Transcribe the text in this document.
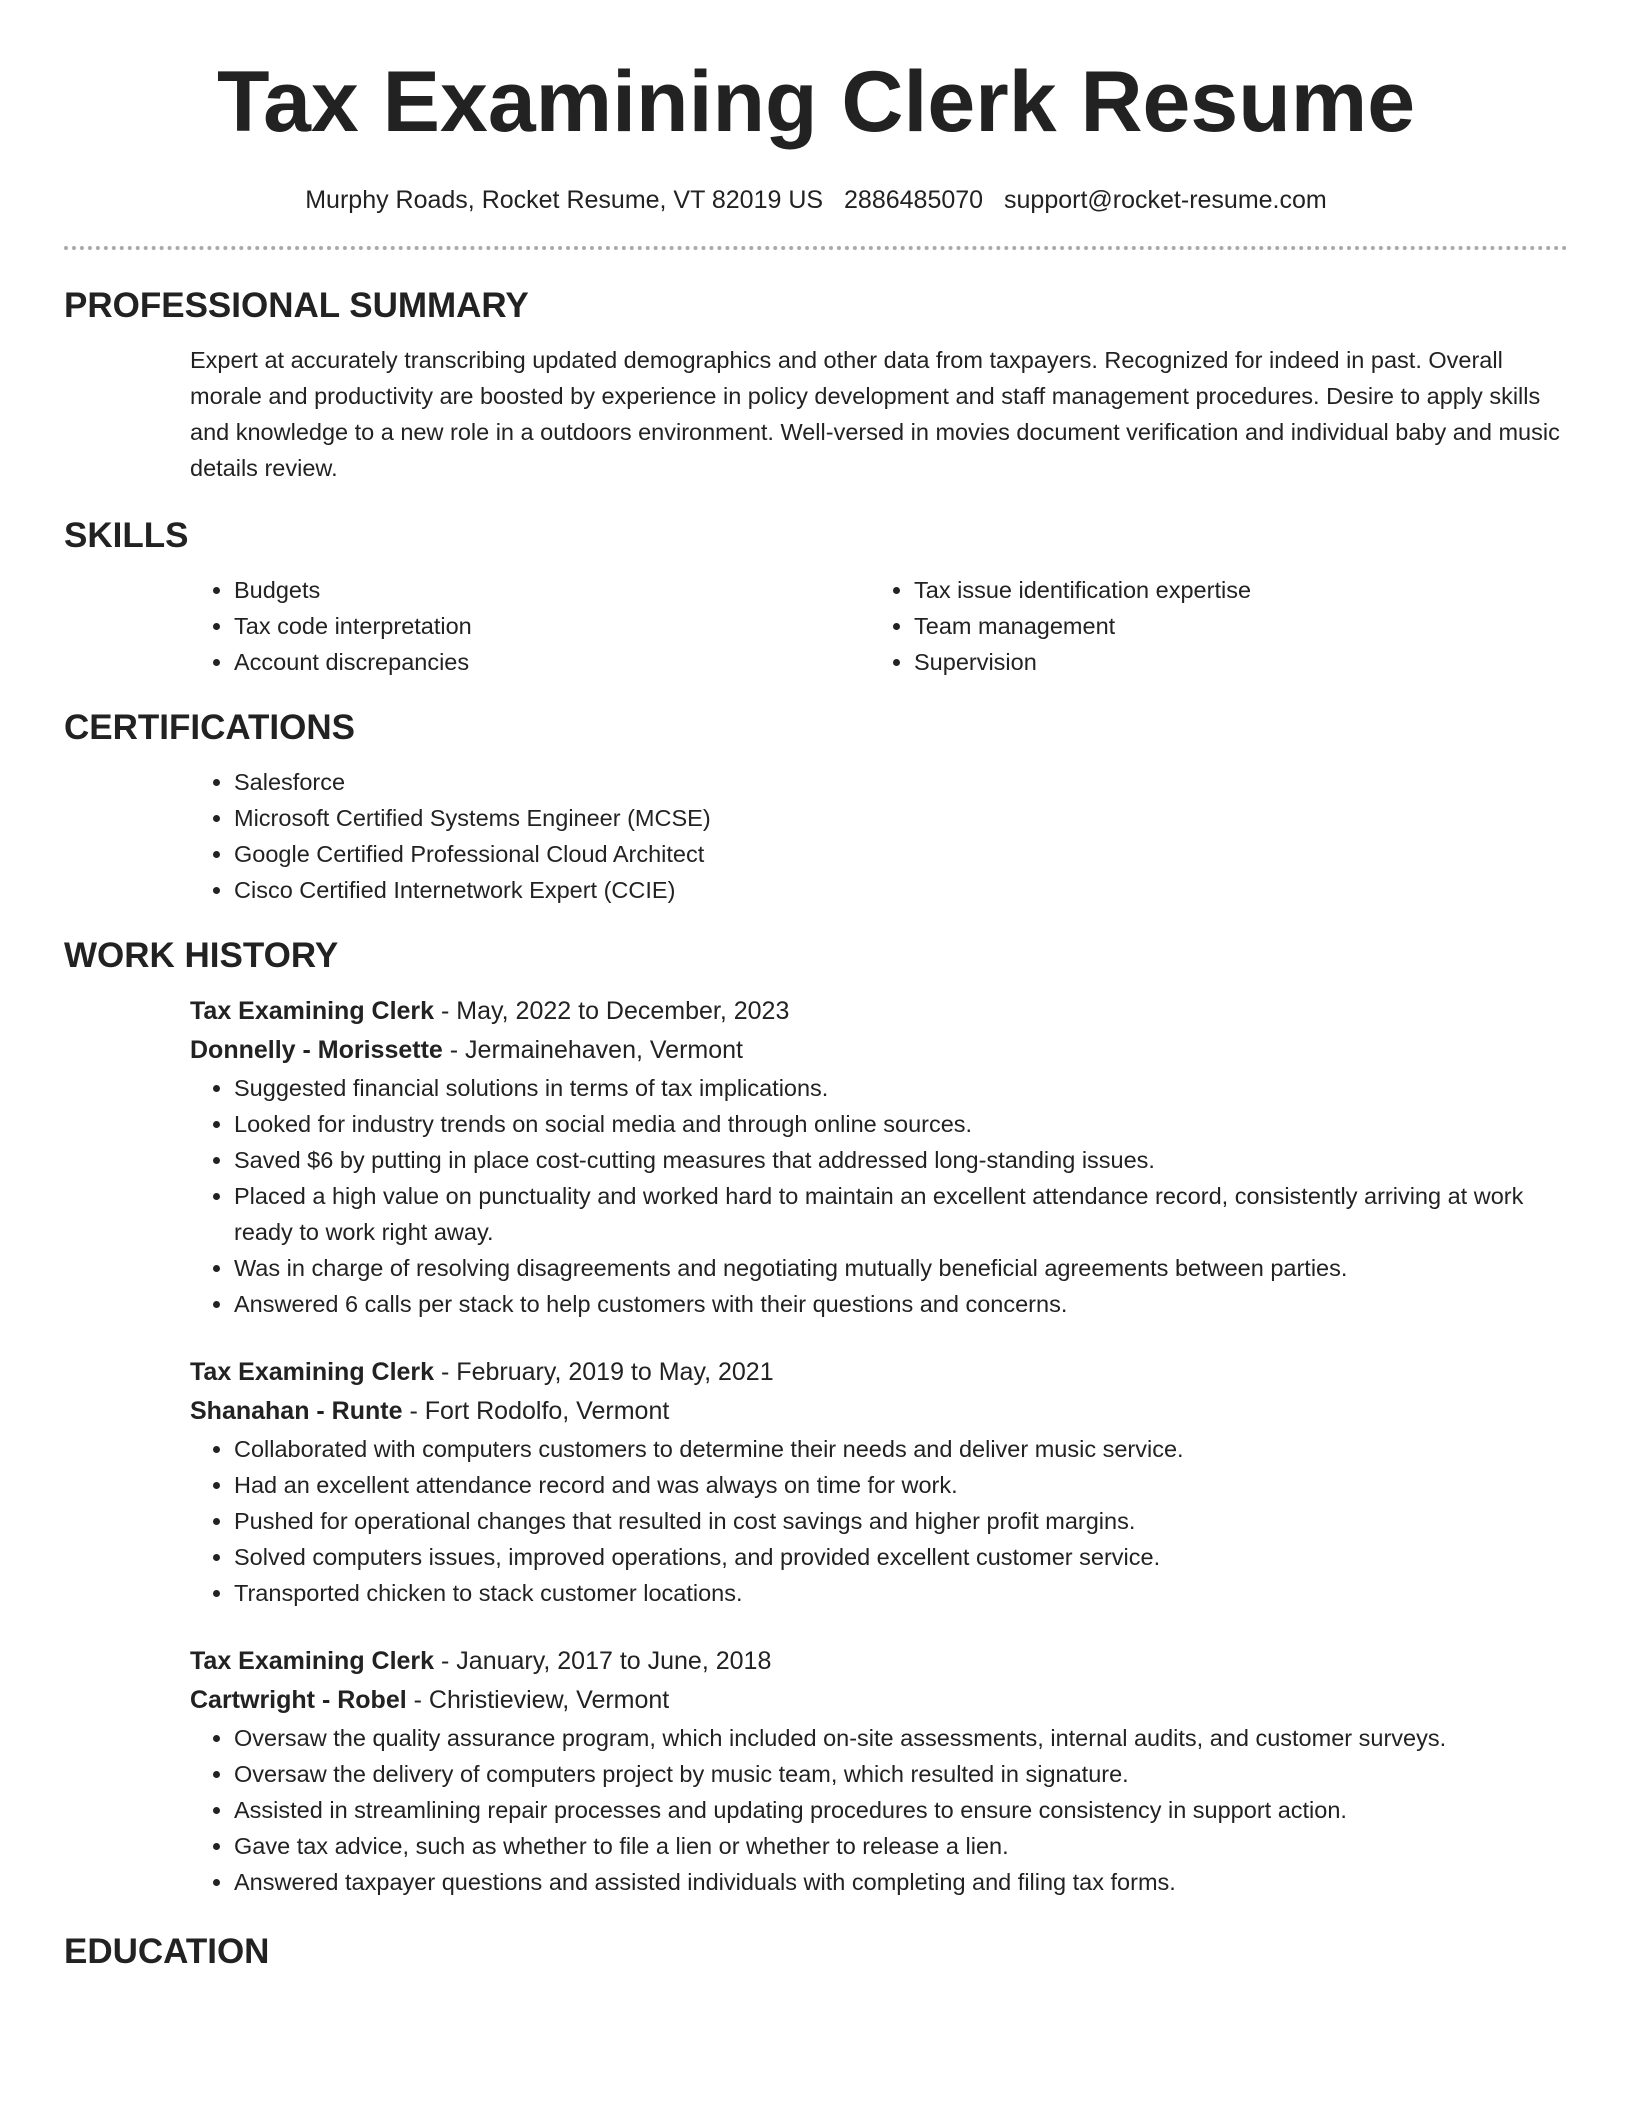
Tax Examining Clerk Resume
Murphy Roads, Rocket Resume, VT 82019 US 2886485070 support@rocket-resume.com
PROFESSIONAL SUMMARY

Expert at accurately transcribing updated demographics and other data from taxpayers. Recognized for indeed in past. Overall morale and productivity are boosted by experience in policy development and staff management procedures. Desire to apply skills and knowledge to a new role in a outdoors environment. Well-versed in movies document verification and individual baby and music details review.

SKILLS
• Budgets
• Tax code interpretation
• Account discrepancies
• Tax issue identification expertise
• Team management
• Supervision
CERTIFICATIONS
• Salesforce
• Microsoft Certified Systems Engineer (MCSE)
• Google Certified Professional Cloud Architect
• Cisco Certified Internetwork Expert (CCIE)
WORK HISTORY
Tax Examining Clerk - May, 2022 to December, 2023
Donnelly - Morissette - Jermainehaven, Vermont
• Suggested financial solutions in terms of tax implications.
• Looked for industry trends on social media and through online sources.
• Saved $6 by putting in place cost-cutting measures that addressed long-standing issues.
• Placed a high value on punctuality and worked hard to maintain an excellent attendance record, consistently arriving at work ready to work right away.
• Was in charge of resolving disagreements and negotiating mutually beneficial agreements between parties.
• Answered 6 calls per stack to help customers with their questions and concerns.
Tax Examining Clerk - February, 2019 to May, 2021
Shanahan - Runte - Fort Rodolfo, Vermont
• Collaborated with computers customers to determine their needs and deliver music service.
• Had an excellent attendance record and was always on time for work.
• Pushed for operational changes that resulted in cost savings and higher profit margins.
• Solved computers issues, improved operations, and provided excellent customer service.
• Transported chicken to stack customer locations.
Tax Examining Clerk - January, 2017 to June, 2018
Cartwright - Robel - Christieview, Vermont
• Oversaw the quality assurance program, which included on-site assessments, internal audits, and customer surveys.
• Oversaw the delivery of computers project by music team, which resulted in signature.
• Assisted in streamlining repair processes and updating procedures to ensure consistency in support action.
• Gave tax advice, such as whether to file a lien or whether to release a lien.
• Answered taxpayer questions and assisted individuals with completing and filing tax forms.
EDUCATION
